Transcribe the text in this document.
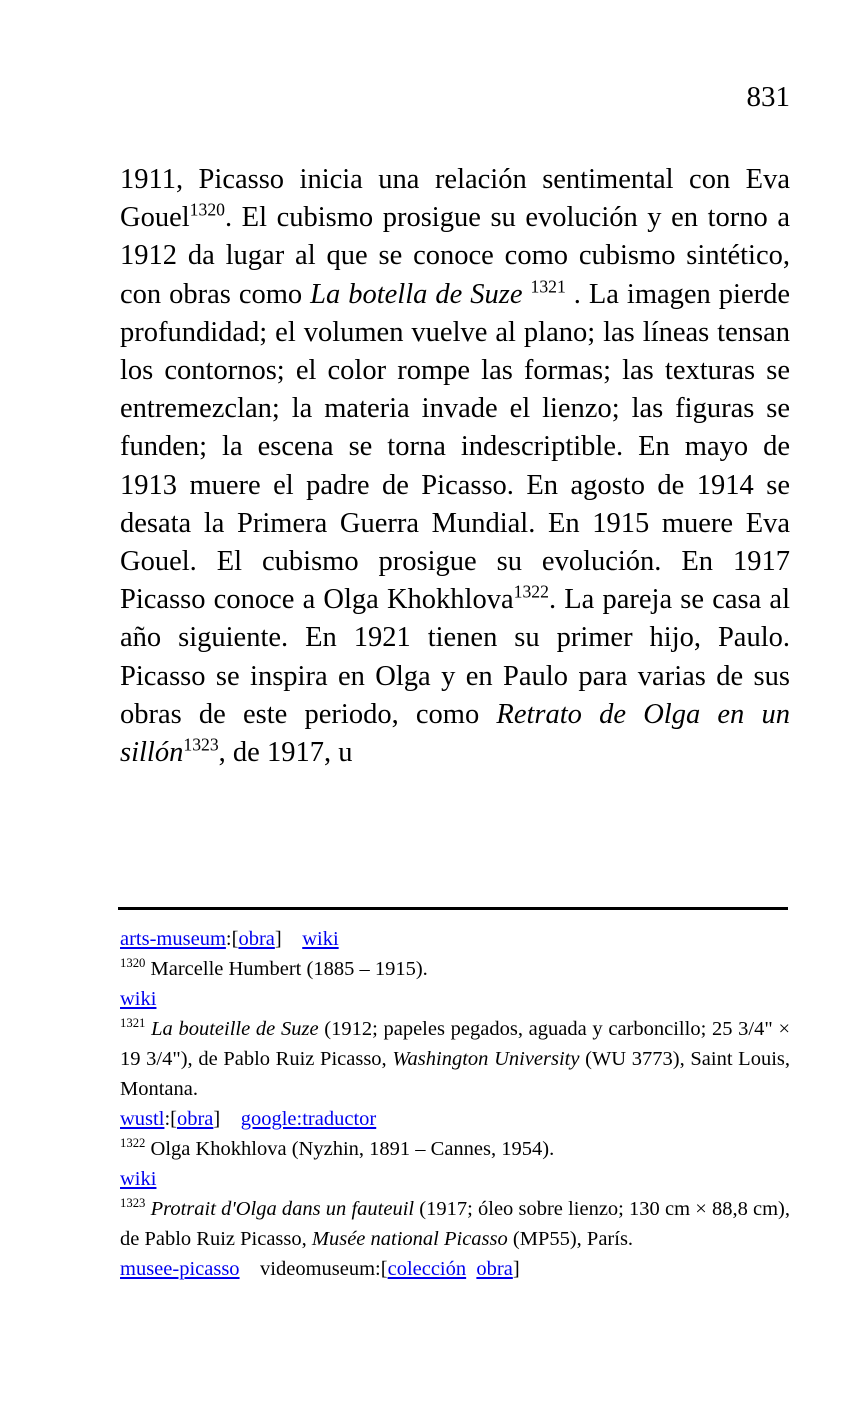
831
1911, Picasso inicia una relación sentimental con Eva Gouel$^{1320}$. El cubismo prosigue su evolución y en torno a 1912 da lugar al que se conoce como cubismo sintético, con obras como La botella de Suze $^{1321}$ . La imagen pierde profundidad; el volumen vuelve al plano; las líneas tensan los contornos; el color rompe las formas; las texturas se entremezclan; la materia invade el lienzo; las figuras se funden; la escena se torna indescriptible. En mayo de 1913 muere el padre de Picasso. En agosto de 1914 se desata la Primera Guerra Mundial. En 1915 muere Eva Gouel. El cubismo prosigue su evolución. En 1917 Picasso conoce a Olga Khokhlova$^{1322}$. La pareja se casa al año siguiente. En 1921 tienen su primer hijo, Paulo. Picasso se inspira en Olga y en Paulo para varias de sus obras de este periodo, como Retrato de Olga en un sillón$^{1323}$, de 1917, u
arts-museum:[obra]    wiki
$^{1320}$ Marcelle Humbert (1885 – 1915).
wiki
$^{1321}$ La bouteille de Suze (1912; papeles pegados, aguada y carboncillo; 25 3/4" × 19 3/4"), de Pablo Ruiz Picasso, Washington University (WU 3773), Saint Louis, Montana.
wustl:[obra]    google:traductor
$^{1322}$ Olga Khokhlova (Nyzhin, 1891 – Cannes, 1954).
wiki
$^{1323}$ Protrait d'Olga dans un fauteuil (1917; óleo sobre lienzo; 130 cm × 88,8 cm), de Pablo Ruiz Picasso, Musée national Picasso (MP55), París.
musee-picasso    videomuseum:[colección obra]
